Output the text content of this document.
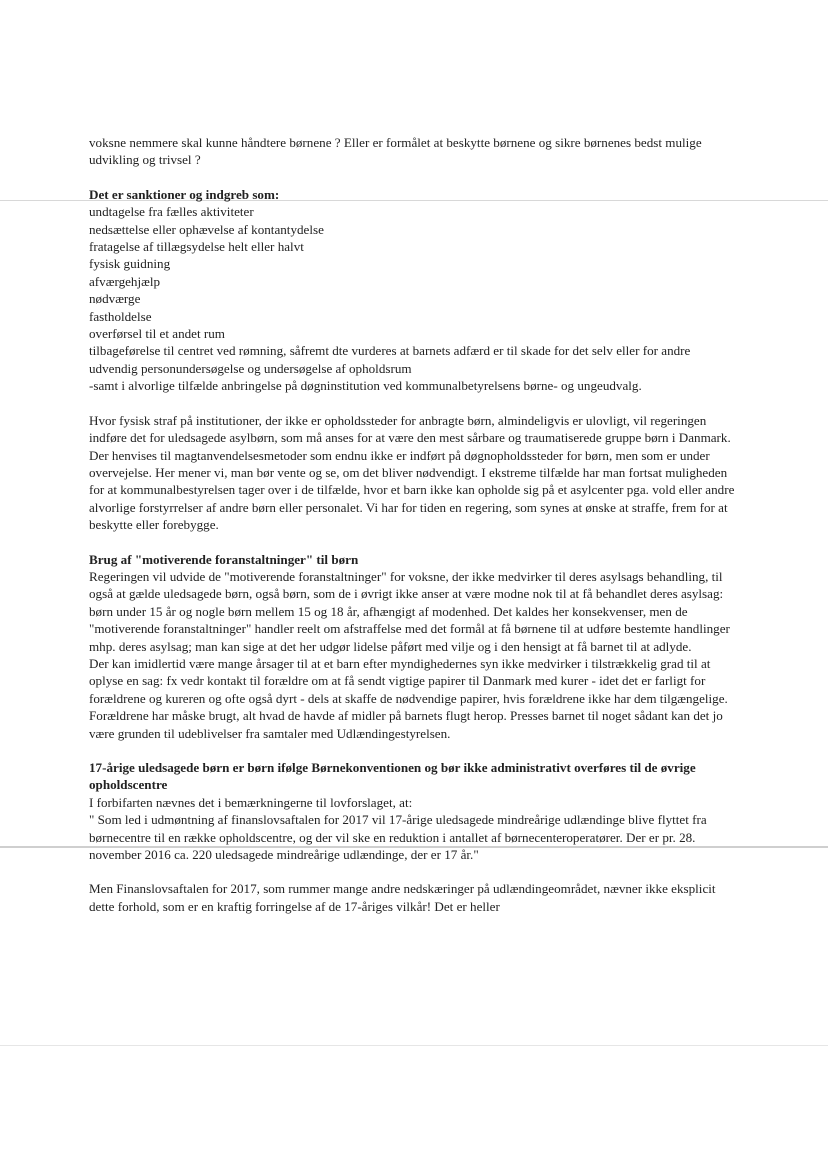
voksne nemmere skal kunne håndtere børnene ? Eller er formålet at beskytte børnene og sikre børnenes bedst mulige udvikling og trivsel ?

Det er sanktioner og indgreb som:

undtagelse fra fælles aktiviteter

nedsættelse eller ophævelse af kontantydelse

fratagelse af tillægsydelse helt eller halvt

fysisk guidning

afværgehjælp

nødværge

fastholdelse

overførsel til et andet rum

tilbageførelse til centret ved rømning, såfremt dte vurderes at barnets adfærd er til skade for det selv eller for andre

udvendig personundersøgelse og undersøgelse af opholdsrum

-samt i alvorlige tilfælde anbringelse på døgninstitution ved kommunalbetyrelsens børne- og ungeudvalg.

Hvor fysisk straf på institutioner, der ikke er opholdssteder for anbragte børn, almindeligvis er ulovligt, vil regeringen indføre det for uledsagede asylbørn, som må anses for at være den mest sårbare og traumatiserede gruppe børn i Danmark. Der henvises til magtanvendelsesmetoder som endnu ikke er indført på døgnopholdssteder for børn, men som er under overvejelse. Her mener vi, man bør vente og se, om det bliver nødvendigt. I ekstreme tilfælde har man fortsat muligheden for at kommunalbestyrelsen tager over i de tilfælde, hvor et barn ikke kan opholde sig på et asylcenter pga. vold eller andre alvorlige forstyrrelser af andre børn eller personalet. Vi har for tiden en regering, som synes at ønske at straffe, frem for at beskytte eller forebygge.

Brug af "motiverende foranstaltninger" til børn

Regeringen vil udvide de "motiverende foranstaltninger" for voksne, der ikke medvirker til deres asylsags behandling, til også at gælde uledsagede børn, også børn, som de i øvrigt ikke anser at være modne nok til at få behandlet deres asylsag: børn under 15 år og nogle børn mellem 15 og 18 år, afhængigt af modenhed. Det kaldes her konsekvenser, men de "motiverende foranstaltninger" handler reelt om afstraffelse med det formål at få børnene til at udføre bestemte handlinger mhp. deres asylsag; man kan sige at det her udgør lidelse påført med vilje og i den hensigt at få barnet til at adlyde.

Der kan imidlertid være mange årsager til at et barn efter myndighedernes syn ikke medvirker i tilstrækkelig grad til at oplyse en sag: fx vedr kontakt til forældre om at få sendt vigtige papirer til Danmark med kurer - idet det er farligt for forældrene og kureren og ofte også dyrt - dels at skaffe de nødvendige papirer, hvis forældrene ikke har dem tilgængelige. Forældrene har måske brugt, alt hvad de havde af midler på barnets flugt herop. Presses barnet til noget sådant kan det jo være grunden til udeblivelser fra samtaler med Udlændingestyrelsen.

17-årige uledsagede børn er børn ifølge Børnekonventionen og bør ikke administrativt overføres til de øvrige opholdscentre

I forbifarten nævnes det i bemærkningerne til lovforslaget, at:

" Som led i udmøntning af finanslovsaftalen for 2017 vil 17-årige uledsagede mindreårige udlændinge blive flyttet fra børnecentre til en række opholdscentre, og der vil ske en reduktion i antallet af børnecenteroperatører. Der er pr. 28. november 2016 ca. 220 uledsagede mindreårige udlændinge, der er 17 år."

Men Finanslovsaftalen for 2017, som rummer mange andre nedskæringer på udlændingeområdet, nævner ikke eksplicit dette forhold, som er en kraftig forringelse af de 17-åriges vilkår! Det er heller
